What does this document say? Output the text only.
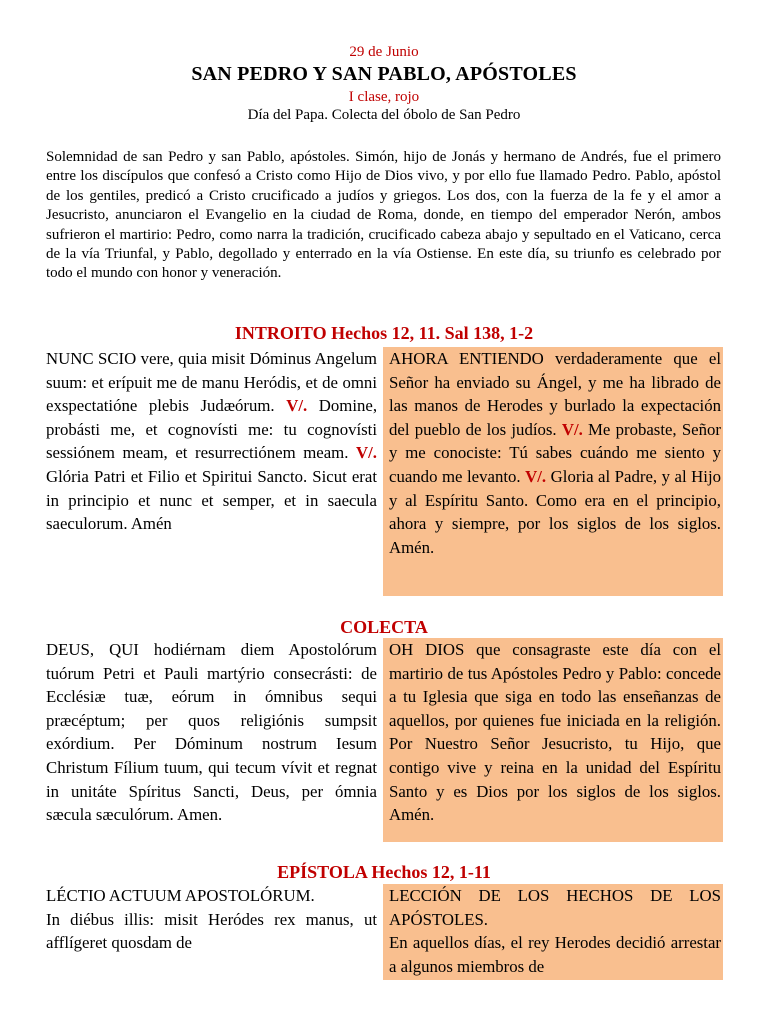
29 de Junio
SAN PEDRO Y SAN PABLO, APÓSTOLES
I clase, rojo
Día del Papa. Colecta del óbolo de San Pedro
Solemnidad de san Pedro y san Pablo, apóstoles. Simón, hijo de Jonás y hermano de Andrés, fue el primero entre los discípulos que confesó a Cristo como Hijo de Dios vivo, y por ello fue llamado Pedro. Pablo, apóstol de los gentiles, predicó a Cristo crucificado a judíos y griegos. Los dos, con la fuerza de la fe y el amor a Jesucristo, anunciaron el Evangelio en la ciudad de Roma, donde, en tiempo del emperador Nerón, ambos sufrieron el martirio: Pedro, como narra la tradición, crucificado cabeza abajo y sepultado en el Vaticano, cerca de la vía Triunfal, y Pablo, degollado y enterrado en la vía Ostiense. En este día, su triunfo es celebrado por todo el mundo con honor y veneración.
INTROITO Hechos 12, 11. Sal 138, 1-2
NUNC SCIO vere, quia misit Dóminus Angelum suum: et erípuit me de manu Heródis, et de omni exspectatióne plebis Judæórum. V/. Domine, probásti me, et cognovísti me: tu cognovísti sessiónem meam, et resurrectiónem meam. V/. Glória Patri et Filio et Spiritui Sancto. Sicut erat in principio et nunc et semper, et in saecula saeculorum. Amén
AHORA ENTIENDO verdaderamente que el Señor ha enviado su Ángel, y me ha librado de las manos de Herodes y burlado la expectación del pueblo de los judíos. V/. Me probaste, Señor y me conociste: Tú sabes cuándo me siento y cuando me levanto. V/. Gloria al Padre, y al Hijo y al Espíritu Santo. Como era en el principio, ahora y siempre, por los siglos de los siglos. Amén.
COLECTA
DEUS, QUI hodiérnam diem Apostolórum tuórum Petri et Pauli martýrio consecrásti: de Ecclésiæ tuæ, eórum in ómnibus sequi præcéptum; per quos religiónis sumpsit exórdium. Per Dóminum nostrum Iesum Christum Fílium tuum, qui tecum vívit et regnat in unitáte Spíritus Sancti, Deus, per ómnia sæcula sæculórum. Amen.
OH DIOS que consagraste este día con el martirio de tus Apóstoles Pedro y Pablo: concede a tu Iglesia que siga en todo las enseñanzas de aquellos, por quienes fue iniciada en la religión. Por Nuestro Señor Jesucristo, tu Hijo, que contigo vive y reina en la unidad del Espíritu Santo y es Dios por los siglos de los siglos. Amén.
EPÍSTOLA Hechos 12, 1-11

LÉCTIO ACTUUM APOSTOLÓRUM.

In diébus illis: misit Heródes rex manus, ut afflígeret quosdam de

LECCIÓN DE LOS HECHOS DE LOS APÓSTOLES.

En aquellos días, el rey Herodes decidió arrestar a algunos miembros de
